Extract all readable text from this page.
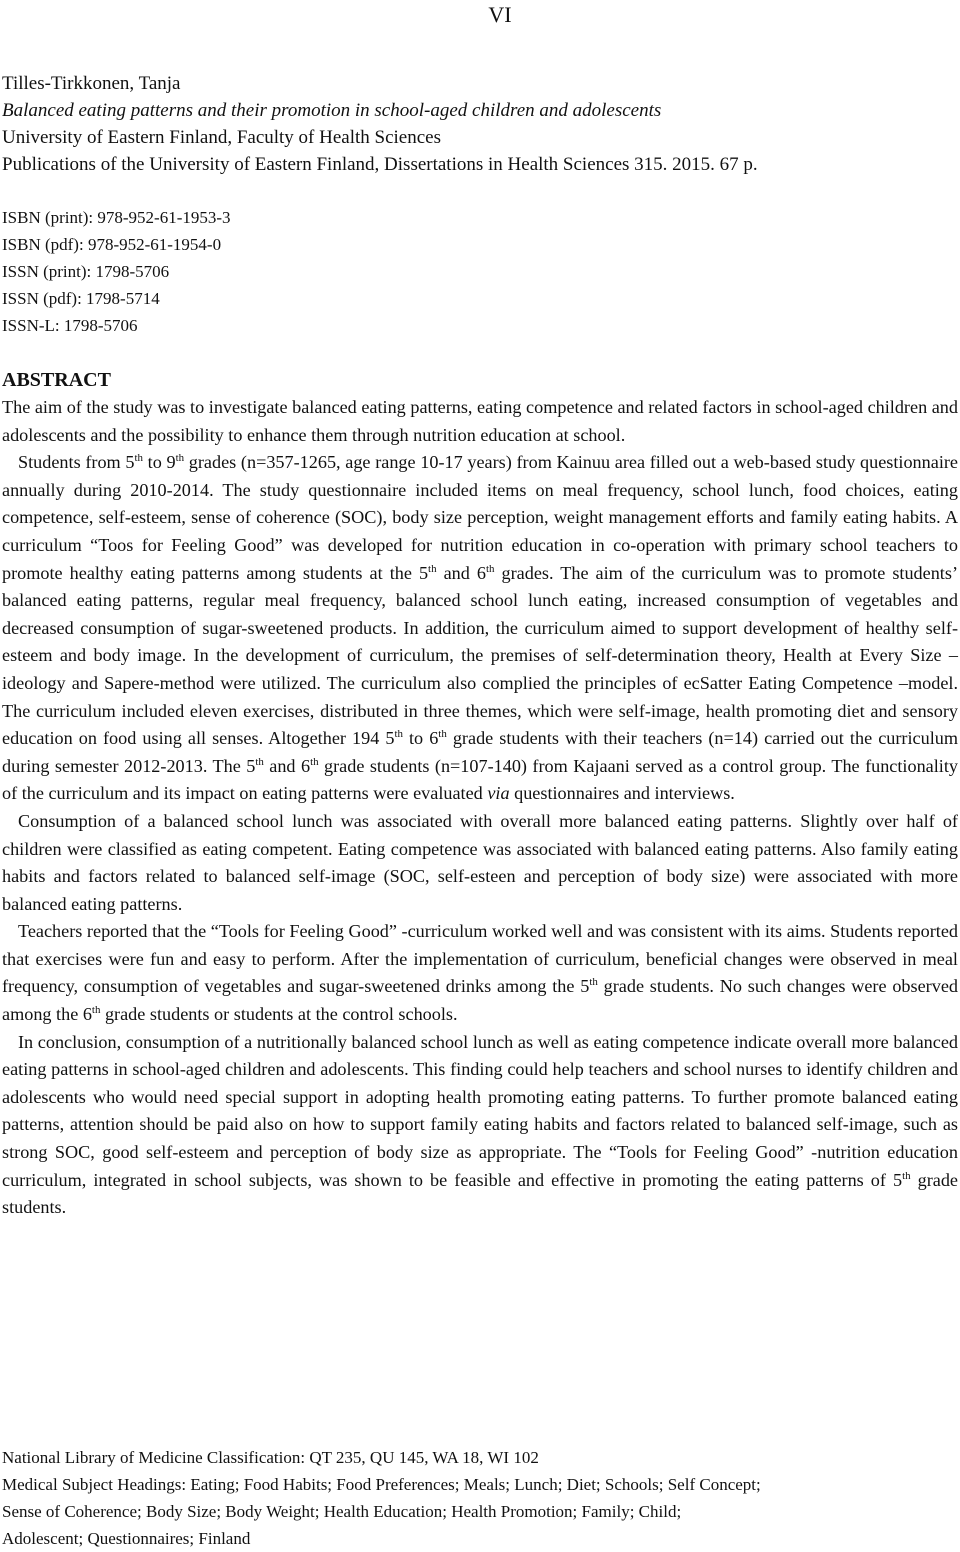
VI
Tilles-Tirkkonen, Tanja
Balanced eating patterns and their promotion in school-aged children and adolescents
University of Eastern Finland, Faculty of Health Sciences
Publications of the University of Eastern Finland, Dissertations in Health Sciences 315. 2015. 67 p.
ISBN (print): 978-952-61-1953-3
ISBN (pdf): 978-952-61-1954-0
ISSN (print): 1798-5706
ISSN (pdf): 1798-5714
ISSN-L: 1798-5706
ABSTRACT

The aim of the study was to investigate balanced eating patterns, eating competence and related factors in school-aged children and adolescents and the possibility to enhance them through nutrition education at school.

Students from 5th to 9th grades (n=357-1265, age range 10-17 years) from Kainuu area filled out a web-based study questionnaire annually during 2010-2014. The study questionnaire included items on meal frequency, school lunch, food choices, eating competence, self-esteem, sense of coherence (SOC), body size perception, weight management efforts and family eating habits. A curriculum “Toos for Feeling Good” was developed for nutrition education in co-operation with primary school teachers to promote healthy eating patterns among students at the 5th and 6th grades. The aim of the curriculum was to promote students’ balanced eating patterns, regular meal frequency, balanced school lunch eating, increased consumption of vegetables and decreased consumption of sugar-sweetened products. In addition, the curriculum aimed to support development of healthy self-esteem and body image. In the development of curriculum, the premises of self-determination theory, Health at Every Size –ideology and Sapere-method were utilized. The curriculum also complied the principles of ecSatter Eating Competence –model. The curriculum included eleven exercises, distributed in three themes, which were self-image, health promoting diet and sensory education on food using all senses. Altogether 194 5th to 6th grade students with their teachers (n=14) carried out the curriculum during semester 2012-2013. The 5th and 6th grade students (n=107-140) from Kajaani served as a control group. The functionality of the curriculum and its impact on eating patterns were evaluated via questionnaires and interviews.

Consumption of a balanced school lunch was associated with overall more balanced eating patterns. Slightly over half of children were classified as eating competent. Eating competence was associated with balanced eating patterns. Also family eating habits and factors related to balanced self-image (SOC, self-esteen and perception of body size) were associated with more balanced eating patterns.

Teachers reported that the “Tools for Feeling Good” -curriculum worked well and was consistent with its aims. Students reported that exercises were fun and easy to perform. After the implementation of curriculum, beneficial changes were observed in meal frequency, consumption of vegetables and sugar-sweetened drinks among the 5th grade students. No such changes were observed among the 6th grade students or students at the control schools.

In conclusion, consumption of a nutritionally balanced school lunch as well as eating competence indicate overall more balanced eating patterns in school-aged children and adolescents. This finding could help teachers and school nurses to identify children and adolescents who would need special support in adopting health promoting eating patterns. To further promote balanced eating patterns, attention should be paid also on how to support family eating habits and factors related to balanced self-image, such as strong SOC, good self-esteem and perception of body size as appropriate. The “Tools for Feeling Good” -nutrition education curriculum, integrated in school subjects, was shown to be feasible and effective in promoting the eating patterns of 5th grade students.

National Library of Medicine Classification: QT 235, QU 145, WA 18, WI 102
Medical Subject Headings: Eating; Food Habits; Food Preferences; Meals; Lunch; Diet; Schools; Self Concept;
Sense of Coherence; Body Size; Body Weight; Health Education; Health Promotion; Family; Child;
Adolescent; Questionnaires; Finland
